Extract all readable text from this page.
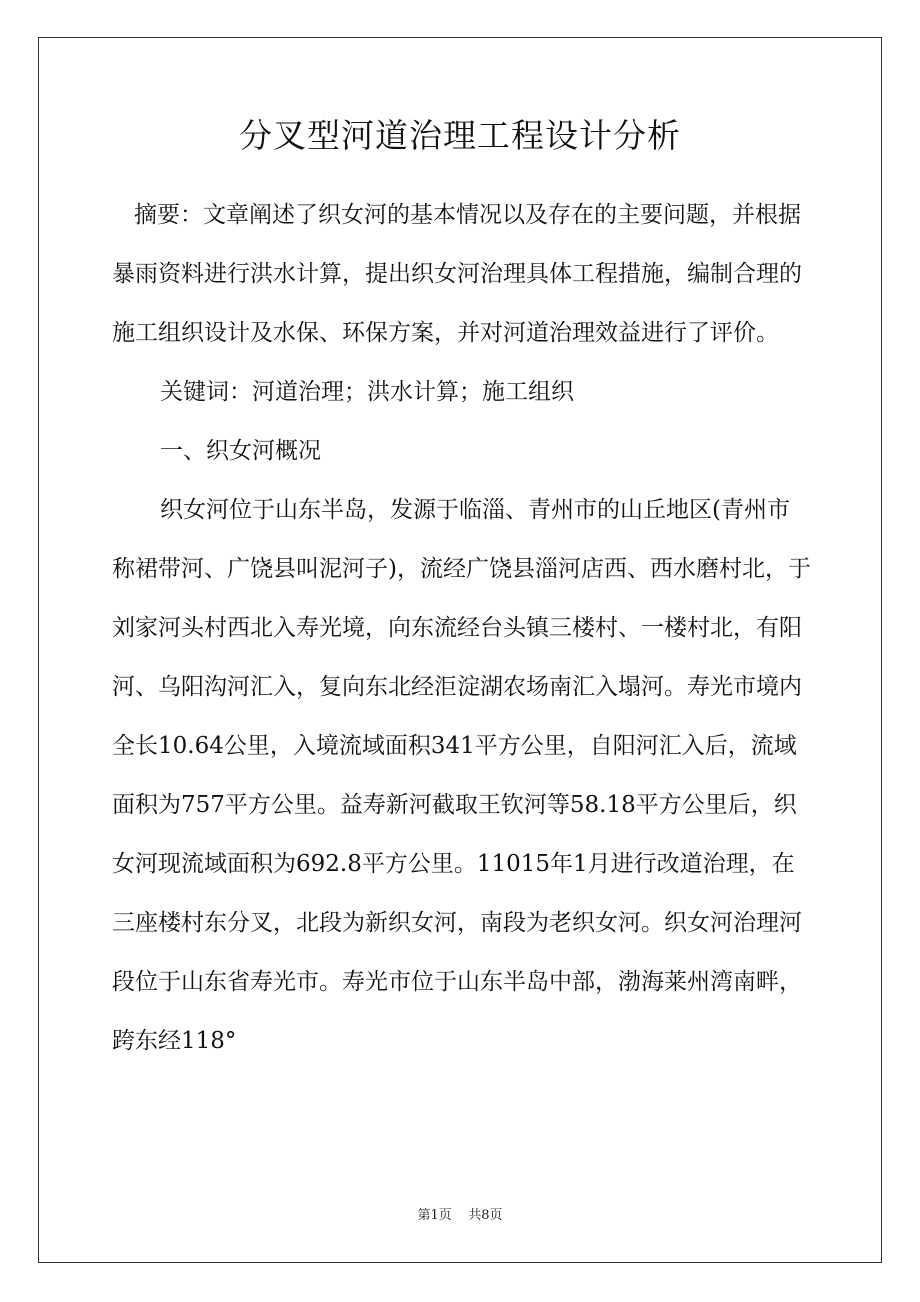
分叉型河道治理工程设计分析

摘要：文章阐述了织女河的基本情况以及存在的主要问题，并根据暴雨资料进行洪水计算，提出织女河治理具体工程措施，编制合理的施工组织设计及水保、环保方案，并对河道治理效益进行了评价。

关键词：河道治理；洪水计算；施工组织

一、织女河概况

织女河位于山东半岛，发源于临淄、青州市的山丘地区(青州市称裙带河、广饶县叫泥河子)，流经广饶县淄河店西、西水磨村北，于刘家河头村西北入寿光境，向东流经台头镇三楼村、一楼村北，有阳河、乌阳沟河汇入，复向东北经洰淀湖农场南汇入塌河。寿光市境内全长10.64公里，入境流域面积341平方公里，自阳河汇入后，流域面积为757平方公里。益寿新河截取王钦河等58.18平方公里后，织女河现流域面积为692.8平方公里。11015年1月进行改道治理，在三座楼村东分叉，北段为新织女河，南段为老织女河。织女河治理河段位于山东省寿光市。寿光市位于山东半岛中部，渤海莱州湾南畔，跨东经118°

第1页 共8页
